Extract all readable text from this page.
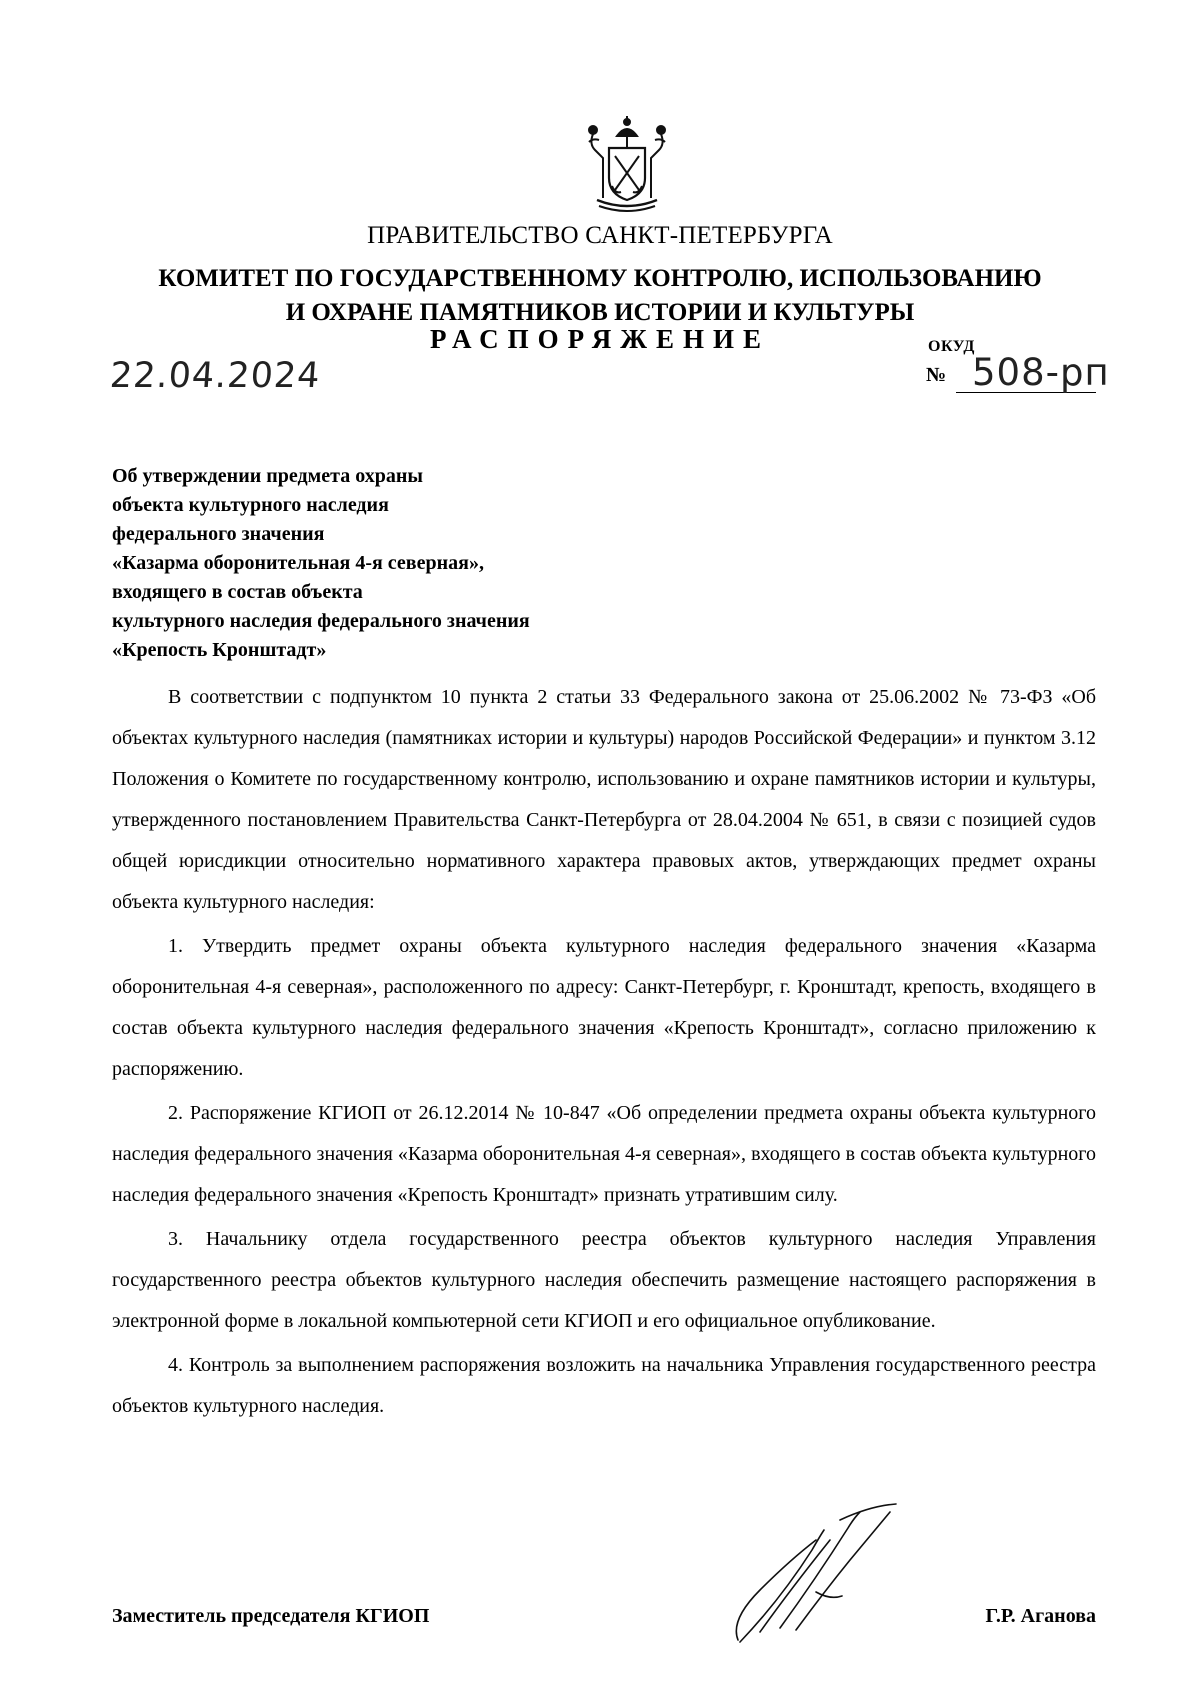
ПРАВИТЕЛЬСТВО САНКТ-ПЕТЕРБУРГА
КОМИТЕТ ПО ГОСУДАРСТВЕННОМУ КОНТРОЛЮ, ИСПОЛЬЗОВАНИЮ
И ОХРАНЕ ПАМЯТНИКОВ ИСТОРИИ И КУЛЬТУРЫ
РАСПОРЯЖЕНИЕ
22.04.2024
ОКУД
№ 508-рп
Об утверждении предмета охраны
объекта культурного наследия
федерального значения
«Казарма оборонительная 4-я северная»,
входящего в состав объекта
культурного наследия федерального значения
«Крепость Кронштадт»

В соответствии с подпунктом 10 пункта 2 статьи 33 Федерального закона от 25.06.2002 № 73-ФЗ «Об объектах культурного наследия (памятниках истории и культуры) народов Российской Федерации» и пунктом 3.12 Положения о Комитете по государственному контролю, использованию и охране памятников истории и культуры, утвержденного постановлением Правительства Санкт-Петербурга от 28.04.2004 № 651, в связи с позицией судов общей юрисдикции относительно нормативного характера правовых актов, утверждающих предмет охраны объекта культурного наследия:

1. Утвердить предмет охраны объекта культурного наследия федерального значения «Казарма оборонительная 4-я северная», расположенного по адресу: Санкт-Петербург, г. Кронштадт, крепость, входящего в состав объекта культурного наследия федерального значения «Крепость Кронштадт», согласно приложению к распоряжению.

2. Распоряжение КГИОП от 26.12.2014 № 10-847 «Об определении предмета охраны объекта культурного наследия федерального значения «Казарма оборонительная 4-я северная», входящего в состав объекта культурного наследия федерального значения «Крепость Кронштадт» признать утратившим силу.

3. Начальнику отдела государственного реестра объектов культурного наследия Управления государственного реестра объектов культурного наследия обеспечить размещение настоящего распоряжения в электронной форме в локальной компьютерной сети КГИОП и его официальное опубликование.

4. Контроль за выполнением распоряжения возложить на начальника Управления государственного реестра объектов культурного наследия.

Заместитель председателя КГИОП	Г.Р. Аганова
